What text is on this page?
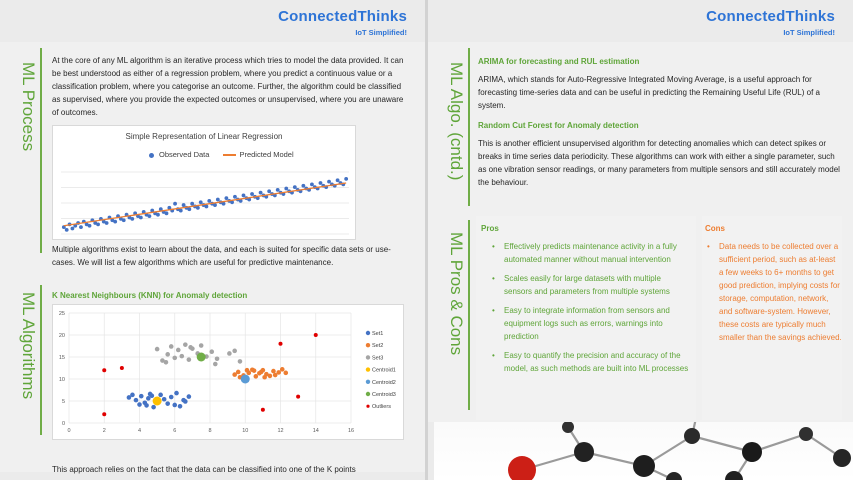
ConnectedThinks
IoT Simplified!
ML Process
At the core of any ML algorithm is an iterative process which tries to model the data provided. It can be best understood as either of a regression problem, where you predict a continuous value or a classification problem, where you categorise an outcome. Further, the algorithm could be classified as supervised, where you provide the expected outcomes or unsupervised, where you are unaware of outcomes.
Simple Representation of Linear Regression
Observed Data	Predicted Model
Multiple algorithms exist to learn about the data, and each is suited for specific data sets or use-cases. We will list a few algorithms which are useful for predictive maintenance.
ML Algorithms K Nearest Neighbours (KNN) for Anomaly detection
0
5
10
15
20
25
0	2	4	6	8	10	12	14	16
Set1
Set2
Set3
Centroid1
Centroid2
Centroid3
Outliers
This approach relies on the fact that the data can be classified into one of the K points
ConnectedThinks
IoT Simplified!
ML Algo. (cntd.)
ARIMA for forecasting and RUL estimation
ARIMA, which stands for Auto-Regressive Integrated Moving Average, is a useful approach for forecasting time-series data and can be useful in predicting the Remaining Useful Life (RUL) of a system.
Random Cut Forest for Anomaly detection
This is another efficient unsupervised algorithm for detecting anomalies which can detect spikes or breaks in time series data periodicity. These algorithms can work with either a single parameter, such as one vibration sensor readings, or many parameters from multiple sensors and still accurately model the behaviour.
ML Pros & Cons
Pros
• Effectively predicts maintenance activity in a fully automated manner without manual intervention
• Scales easily for large datasets with multiple sensors and parameters from multiple systems
• Easy to integrate information from sensors and equipment logs such as errors, warnings into prediction
• Easy to quantify the precision and accuracy of the model, as such methods are built into ML processes
Cons
• Data needs to be collected over a sufficient period, such as at-least a few weeks to 6+ months to get good prediction, implying costs for storage, computation, network, and software-system. However, these costs are typically much smaller than the savings achieved.
